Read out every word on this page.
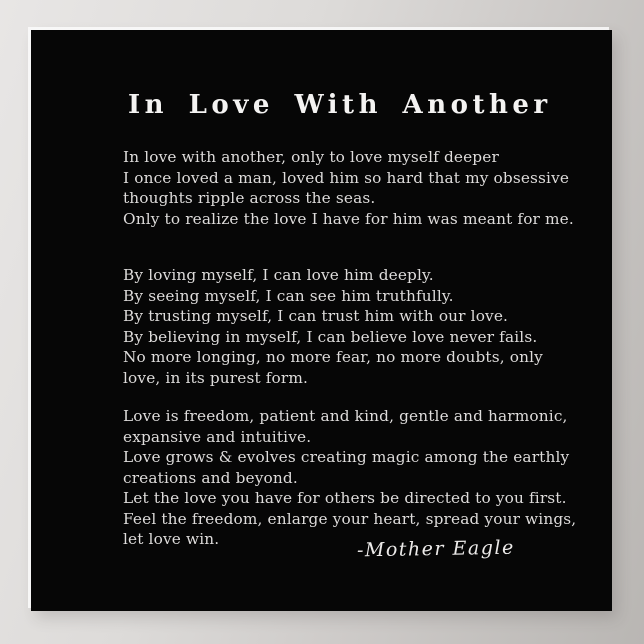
In Love With Another
In love with another, only to love myself deeper
I once loved a man, loved him so hard that my obsessive
thoughts ripple across the seas.
Only to realize the love I have for him was meant for me.
By loving myself, I can love him deeply.
By seeing myself, I can see him truthfully.
By trusting myself, I can trust him with our love.
By believing in myself, I can believe love never fails.
No more longing, no more fear, no more doubts, only
love, in its purest form.
Love is freedom, patient and kind, gentle and harmonic,
expansive and intuitive.
Love grows & evolves creating magic among the earthly
creations and beyond.
Let the love you have for others be directed to you first.
Feel the freedom, enlarge your heart, spread your wings,
let love win.	-Mother Eagle
